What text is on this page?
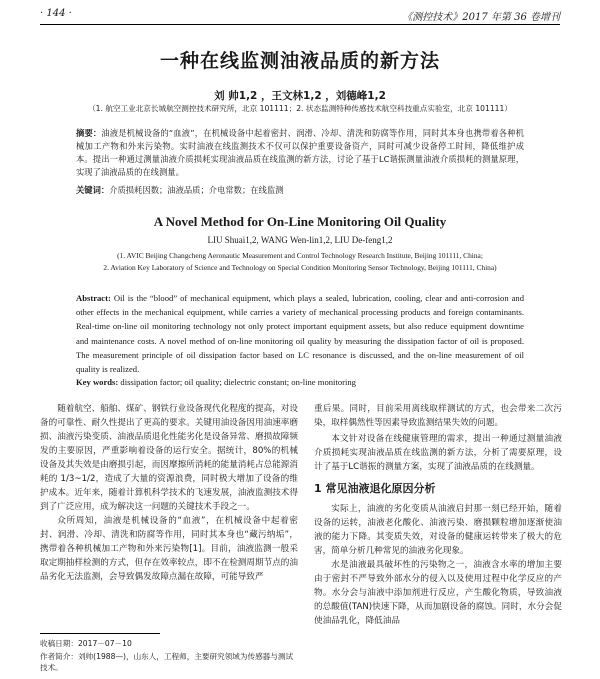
· 144 ·	《测控技术》2017 年第 36 卷增刊
一种在线监测油液品质的新方法
刘 帅1,2 ，王文林1,2 ，刘德峰1,2
（1. 航空工业北京长城航空测控技术研究所，北京 101111；2. 状态监测特种传感技术航空科技重点实验室，北京 101111）
摘要：油液是机械设备的“血液”，在机械设备中起着密封、润滑、冷却、清洗和防腐等作用，同时其本身也携带着各种机械加工产物和外来污染物。实时油液在线监测技术不仅可以保护重要设备资产，同时可减少设备停工时间，降低维护成本。提出一种通过测量油液介质损耗实现油液品质在线监测的新方法，讨论了基于LC谐振测量油液介质损耗的测量原理，实现了油液品质的在线测量。
关键词：介质损耗因数；油液品质；介电常数；在线监测
A Novel Method for On-Line Monitoring Oil Quality
LIU Shuai1,2, WANG Wen-lin1,2, LIU De-feng1,2
(1. AVIC Beijing Changcheng Aeronautic Measurement and Control Technology Research Institute, Beijing 101111, China;
2. Aviation Key Laboratory of Science and Technology on Special Condition Monitoring Sensor Technology, Beijing 101111, China)
Abstract: Oil is the “blood” of mechanical equipment, which plays a sealed, lubrication, cooling, clear and anti-corrosion and other effects in the mechanical equipment, while carries a variety of mechanical processing products and foreign contaminants. Real-time on-line oil monitoring technology not only protect important equipment assets, but also reduce equipment downtime and maintenance costs. A novel method of on-line monitoring oil quality by measuring the dissipation factor of oil is proposed. The measurement principle of oil dissipation factor based on LC resonance is discussed, and the on-line measurement of oil quality is realized.
Key words: dissipation factor; oil quality; dielectric constant; on-line monitoring

随着航空、船舶、煤矿、钢铁行业设备现代化程度的提高，对设备的可靠性、耐久性提出了更高的要求。关键用油设备因用油速率磨损、油液污染变质、油液品质退化性能劣化是设备异常、磨损故障频发的主要原因，严重影响着设备的运行安全。据统计，80%的机械设备及其失效是由磨损引起，而因摩擦所消耗的能量消耗占总能源消耗的 1/3~1/2，造成了大量的资源浪费，同时极大增加了设备的维护成本。近年来，随着计算机科学技术的飞速发展，油液监测技术得到了广泛应用，成为解决这一问题的关键技术手段之一。

众所周知，油液是机械设备的“血液”，在机械设备中起着密封、润滑、冷却、清洗和防腐等作用，同时其本身也“藏污纳垢”，携带着各种机械加工产物和外来污染物[1]。目前，油液监测一般采取定期抽样检测的方式，但存在效率较点，即不在检测周期节点的油品劣化无法监测，会导致偶发故障点漏在故障，可能导致严

重后果。同时，目前采用离线取样测试的方式，也会带来二次污染，取样偶然性等因素导致监测结果失效的问题。

本文针对设备在线健康管理的需求，提出一种通过测量油液介质损耗实现油液品质在线监测的新方法，分析了需要原理，设计了基于LC谐振的测量方案，实现了油液品质的在线测量。

1 常见油液退化原因分析

实际上，油液的劣化变质从油液启封那一刻已经开始，随着设备的运转，油液老化酸化、油液污染、磨损颗粒增加逐渐使油液的能力下降。其变质失效，对设备的健康运转带来了极大的危害，简单分析几种常见的油液劣化现象。

水是油液最具破坏性的污染物之一，油液含水率的增加主要由于密封不严导致外部水分的侵入以及使用过程中化学反应的产物。水分会与油液中添加剂进行反应，产生酸化物质，导致油液的总酸值(TAN)快速下降，从而加剧设备的腐蚀。同时，水分会促使油品乳化，降低油品

收稿日期：2017－07－10
作者简介：刘帅(1988—)，山东人，工程师，主要研究领域为传感器与测试技术。
